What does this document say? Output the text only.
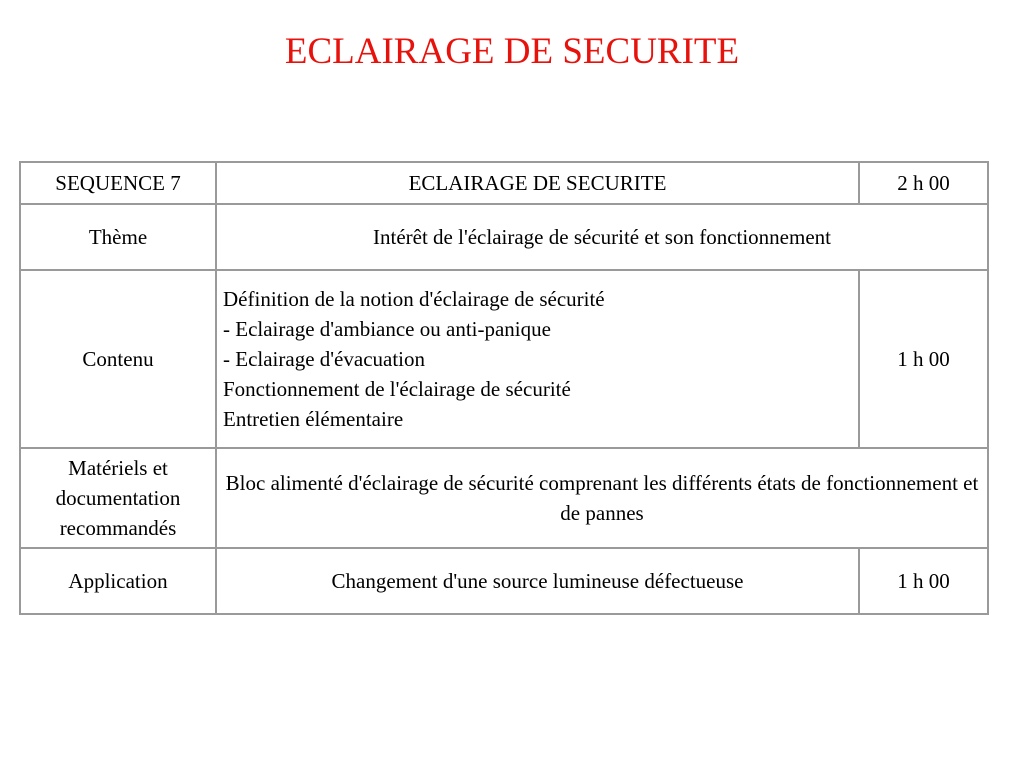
ECLAIRAGE DE SECURITE
SEQUENCE 7	ECLAIRAGE DE SECURITE	2 h 00
Thème	Intérêt de l'éclairage de sécurité et son fonctionnement	
Contenu	Définition de la notion d'éclairage de sécurité
- Eclairage d'ambiance ou anti-panique
- Eclairage d'évacuation
Fonctionnement de l'éclairage de sécurité
Entretien élémentaire	1 h 00

Matériels et
documentation
recommandés	Bloc alimenté d'éclairage de sécurité comprenant les différents états de fonctionnement et de pannes	
Application	Changement d'une source lumineuse défectueuse	1 h 00
